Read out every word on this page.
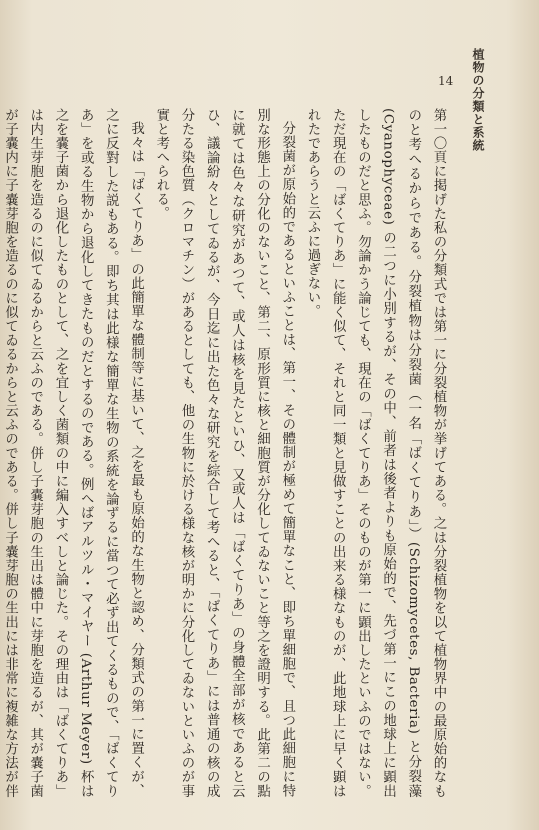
植物の分類と系統
14

第一〇頁に掲げた私の分類式では第一に分裂植物が挙げてある。之は分裂植物を以て植物界中の最原始的なものと考へるからである。分裂植物は分裂菌（一名「ばくてりあ」）(Schizomycetes, Bacteria) と分裂藻 (Cyanophyceae) の二つに小別するが、その中、前者は後者よりも原始的で、先づ第一にこの地球上に顕出したものだと思ふ。勿論かう論じても、現在の「ばくてりあ」そのものが第一に顕出したといふのではない。ただ現在の「ばくてりあ」に能く似て、それと同一類と見做すことの出来る様なものが、此地球上に早く顕はれたであらうと云ふに過ぎない。

分裂菌が原始的であるといふことは、第一、その體制が極めて簡單なこと、即ち單細胞で、且つ此細胞に特別な形態上の分化のないこと、第二、原形質に核と細胞質が分化してゐないこと等之を證明する。此第二の點に就ては色々な研究があつて、或人は核を見たといひ、又或人は「ばくてりあ」の身體全部が核であると云ひ、議論紛々としてゐるが、今日迄に出た色々な研究を綜合して考へると、「ばくてりあ」には普通の核の成分たる染色質（クロマチン）があるとしても、他の生物に於ける様な核が明かに分化してゐないといふのが事實と考へられる。

我々は「ばくてりあ」の此簡單な體制等に基いて、之を最も原始的な生物と認め、分類式の第一に置くが、之に反對した説もある。即ち其は此様な簡單な生物の系統を論ずるに當つて必ず出てくるもので、「ばくてりあ」を或る生物から退化してきたものだとするのである。例へばアルツル・マイヤー (Arthur Meyer) 杯は之を嚢子菌から退化したものとして、之を宜しく菌類の中に編入すべしと論じた。その理由は「ばくてりあ」は内生芽胞を造るのに似てゐるからと云ふのである。併し子嚢芽胞の生出は體中に芽胞を造るが、其が嚢子菌が子嚢内に子嚢芽胞を造るのに似てゐるからと云ふのである。併し子嚢芽胞の生出には非常に複雑な方法が伴
